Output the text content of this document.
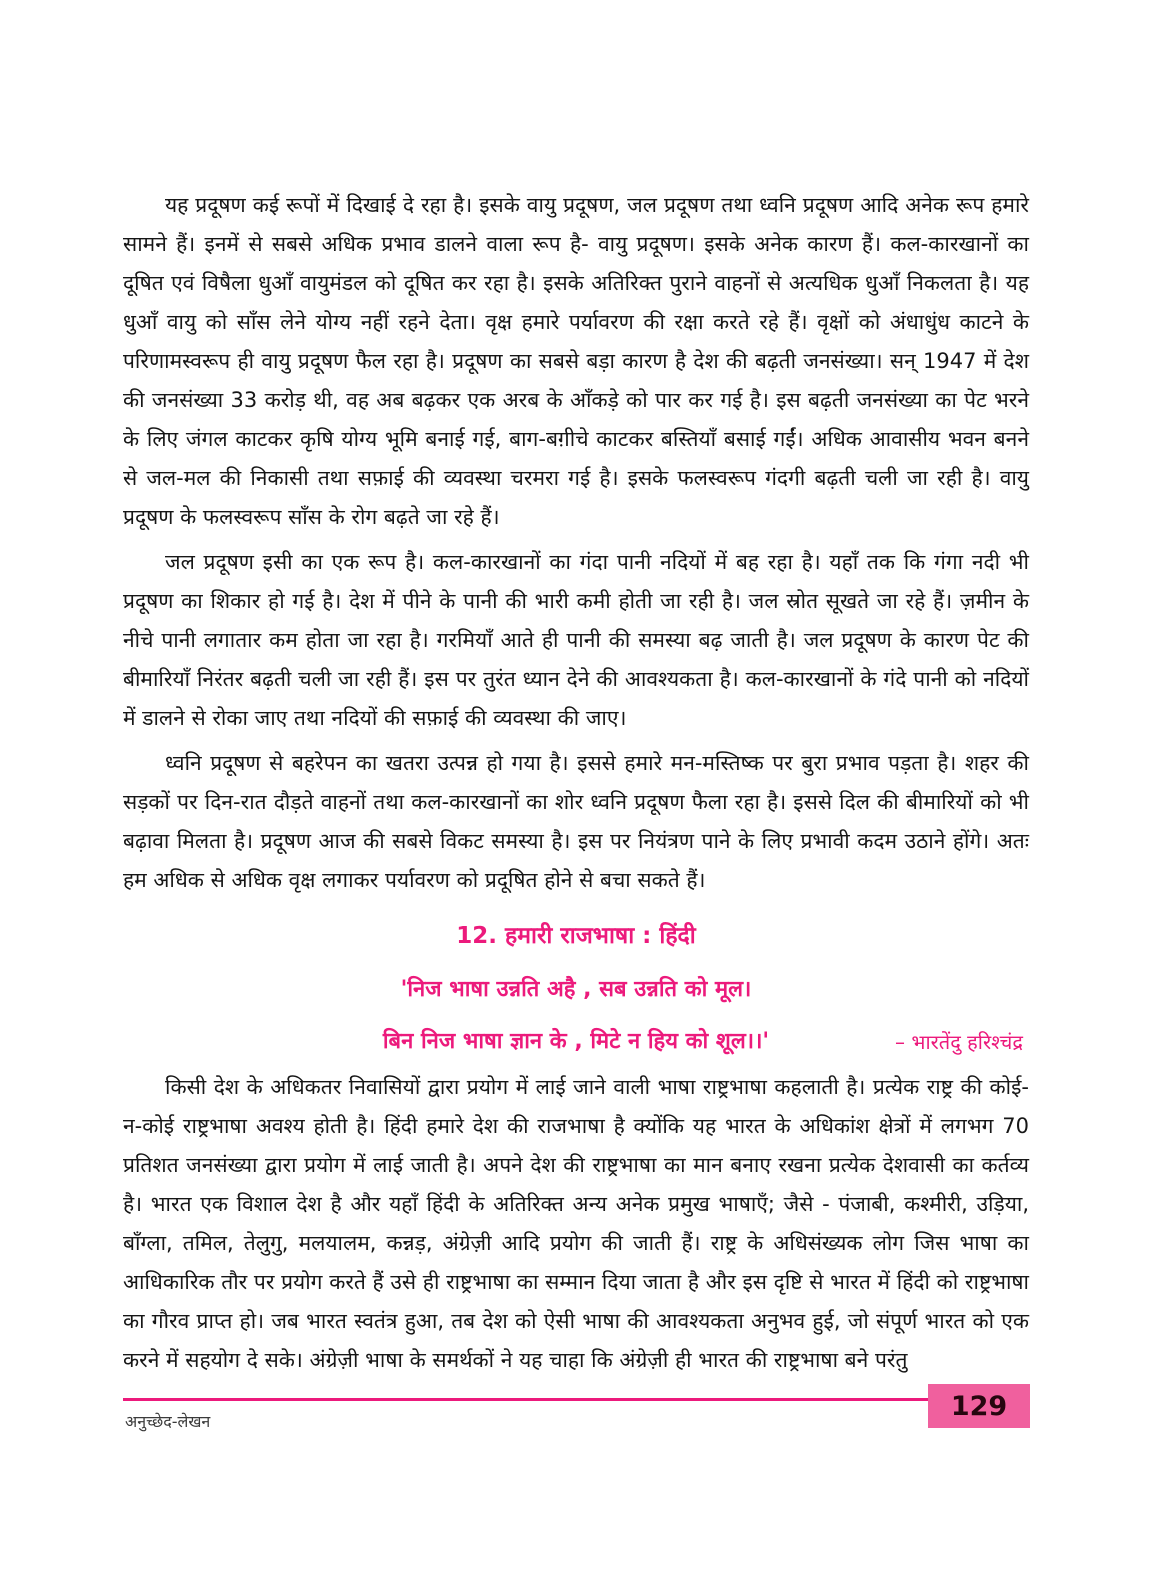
यह प्रदूषण कई रूपों में दिखाई दे रहा है। इसके वायु प्रदूषण, जल प्रदूषण तथा ध्वनि प्रदूषण आदि अनेक रूप हमारे सामने हैं। इनमें से सबसे अधिक प्रभाव डालने वाला रूप है- वायु प्रदूषण। इसके अनेक कारण हैं। कल-कारखानों का दूषित एवं विषैला धुआँ वायुमंडल को दूषित कर रहा है। इसके अतिरिक्त पुराने वाहनों से अत्यधिक धुआँ निकलता है। यह धुआँ वायु को साँस लेने योग्य नहीं रहने देता। वृक्ष हमारे पर्यावरण की रक्षा करते रहे हैं। वृक्षों को अंधाधुंध काटने के परिणामस्वरूप ही वायु प्रदूषण फैल रहा है। प्रदूषण का सबसे बड़ा कारण है देश की बढ़ती जनसंख्या। सन् 1947 में देश की जनसंख्या 33 करोड़ थी, वह अब बढ़कर एक अरब के आँकड़े को पार कर गई है। इस बढ़ती जनसंख्या का पेट भरने के लिए जंगल काटकर कृषि योग्य भूमि बनाई गई, बाग-बग़ीचे काटकर बस्तियाँ बसाई गईं। अधिक आवासीय भवन बनने से जल-मल की निकासी तथा सफ़ाई की व्यवस्था चरमरा गई है। इसके फलस्वरूप गंदगी बढ़ती चली जा रही है। वायु प्रदूषण के फलस्वरूप साँस के रोग बढ़ते जा रहे हैं।

जल प्रदूषण इसी का एक रूप है। कल-कारखानों का गंदा पानी नदियों में बह रहा है। यहाँ तक कि गंगा नदी भी प्रदूषण का शिकार हो गई है। देश में पीने के पानी की भारी कमी होती जा रही है। जल स्रोत सूखते जा रहे हैं। ज़मीन के नीचे पानी लगातार कम होता जा रहा है। गरमियाँ आते ही पानी की समस्या बढ़ जाती है। जल प्रदूषण के कारण पेट की बीमारियाँ निरंतर बढ़ती चली जा रही हैं। इस पर तुरंत ध्यान देने की आवश्यकता है। कल-कारखानों के गंदे पानी को नदियों में डालने से रोका जाए तथा नदियों की सफ़ाई की व्यवस्था की जाए।

ध्वनि प्रदूषण से बहरेपन का खतरा उत्पन्न हो गया है। इससे हमारे मन-मस्तिष्क पर बुरा प्रभाव पड़ता है। शहर की सड़कों पर दिन-रात दौड़ते वाहनों तथा कल-कारखानों का शोर ध्वनि प्रदूषण फैला रहा है। इससे दिल की बीमारियों को भी बढ़ावा मिलता है। प्रदूषण आज की सबसे विकट समस्या है। इस पर नियंत्रण पाने के लिए प्रभावी कदम उठाने होंगे। अतः हम अधिक से अधिक वृक्ष लगाकर पर्यावरण को प्रदूषित होने से बचा सकते हैं।

12. हमारी राजभाषा : हिंदी
'निज भाषा उन्नति अहै , सब उन्नति को मूल।
बिन निज भाषा ज्ञान के , मिटे न हिय को शूल।।'	– भारतेंदु हरिश्चंद्र

किसी देश के अधिकतर निवासियों द्वारा प्रयोग में लाई जाने वाली भाषा राष्ट्रभाषा कहलाती है। प्रत्येक राष्ट्र की कोई-न-कोई राष्ट्रभाषा अवश्य होती है। हिंदी हमारे देश की राजभाषा है क्योंकि यह भारत के अधिकांश क्षेत्रों में लगभग 70 प्रतिशत जनसंख्या द्वारा प्रयोग में लाई जाती है। अपने देश की राष्ट्रभाषा का मान बनाए रखना प्रत्येक देशवासी का कर्तव्य है। भारत एक विशाल देश है और यहाँ हिंदी के अतिरिक्त अन्य अनेक प्रमुख भाषाएँ; जैसे - पंजाबी, कश्मीरी, उड़िया, बाँग्ला, तमिल, तेलुगु, मलयालम, कन्नड़, अंग्रेज़ी आदि प्रयोग की जाती हैं। राष्ट्र के अधिसंख्यक लोग जिस भाषा का आधिकारिक तौर पर प्रयोग करते हैं उसे ही राष्ट्रभाषा का सम्मान दिया जाता है और इस दृष्टि से भारत में हिंदी को राष्ट्रभाषा का गौरव प्राप्त हो। जब भारत स्वतंत्र हुआ, तब देश को ऐसी भाषा की आवश्यकता अनुभव हुई, जो संपूर्ण भारत को एक करने में सहयोग दे सके। अंग्रेज़ी भाषा के समर्थकों ने यह चाहा कि अंग्रेज़ी ही भारत की राष्ट्रभाषा बने परंतु

अनुच्छेद-लेखन	129
